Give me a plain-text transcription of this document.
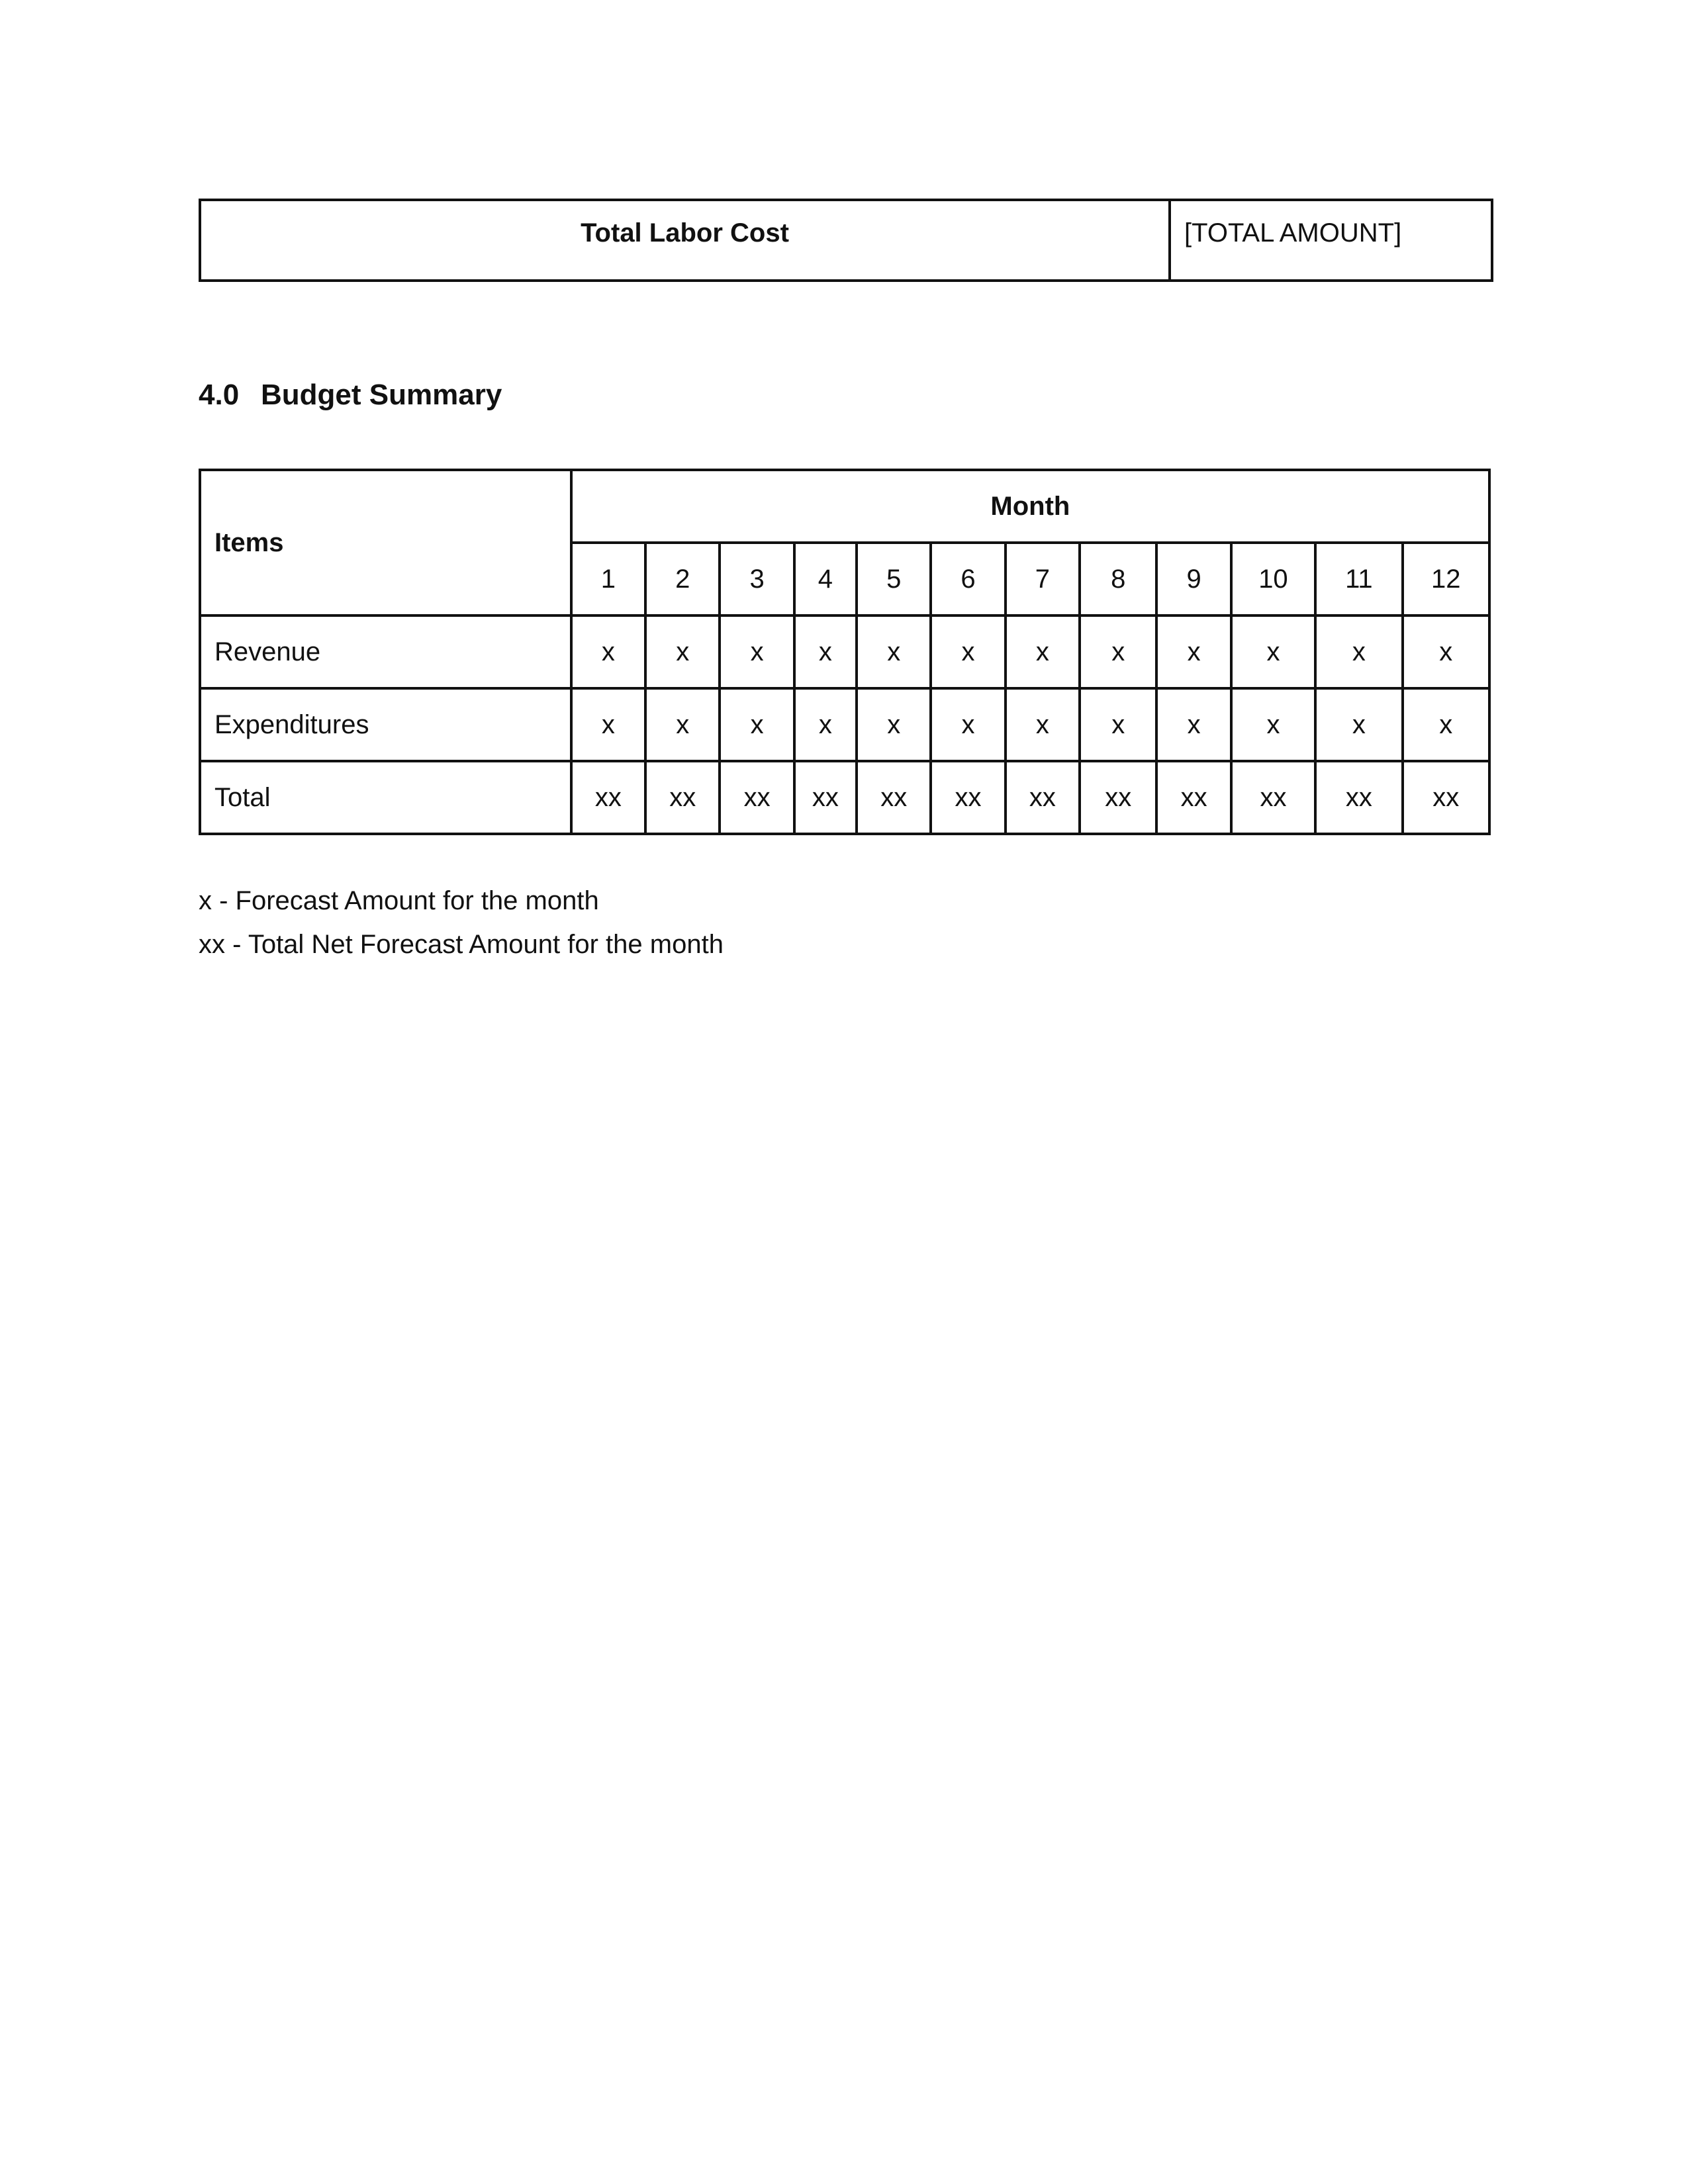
Total Labor Cost	[TOTAL AMOUNT]
4.0 Budget Summary
Items	Month											
	1	2	3	4	5	6	7	8	9	10	11	12
Revenue	x	x	x	x	x	x	x	x	x	x	x	x
Expenditures	x	x	x	x	x	x	x	x	x	x	x	x
Total	xx	xx	xx	xx	xx	xx	xx	xx	xx	xx	xx	xx
x - Forecast Amount for the month
xx - Total Net Forecast Amount for the month
